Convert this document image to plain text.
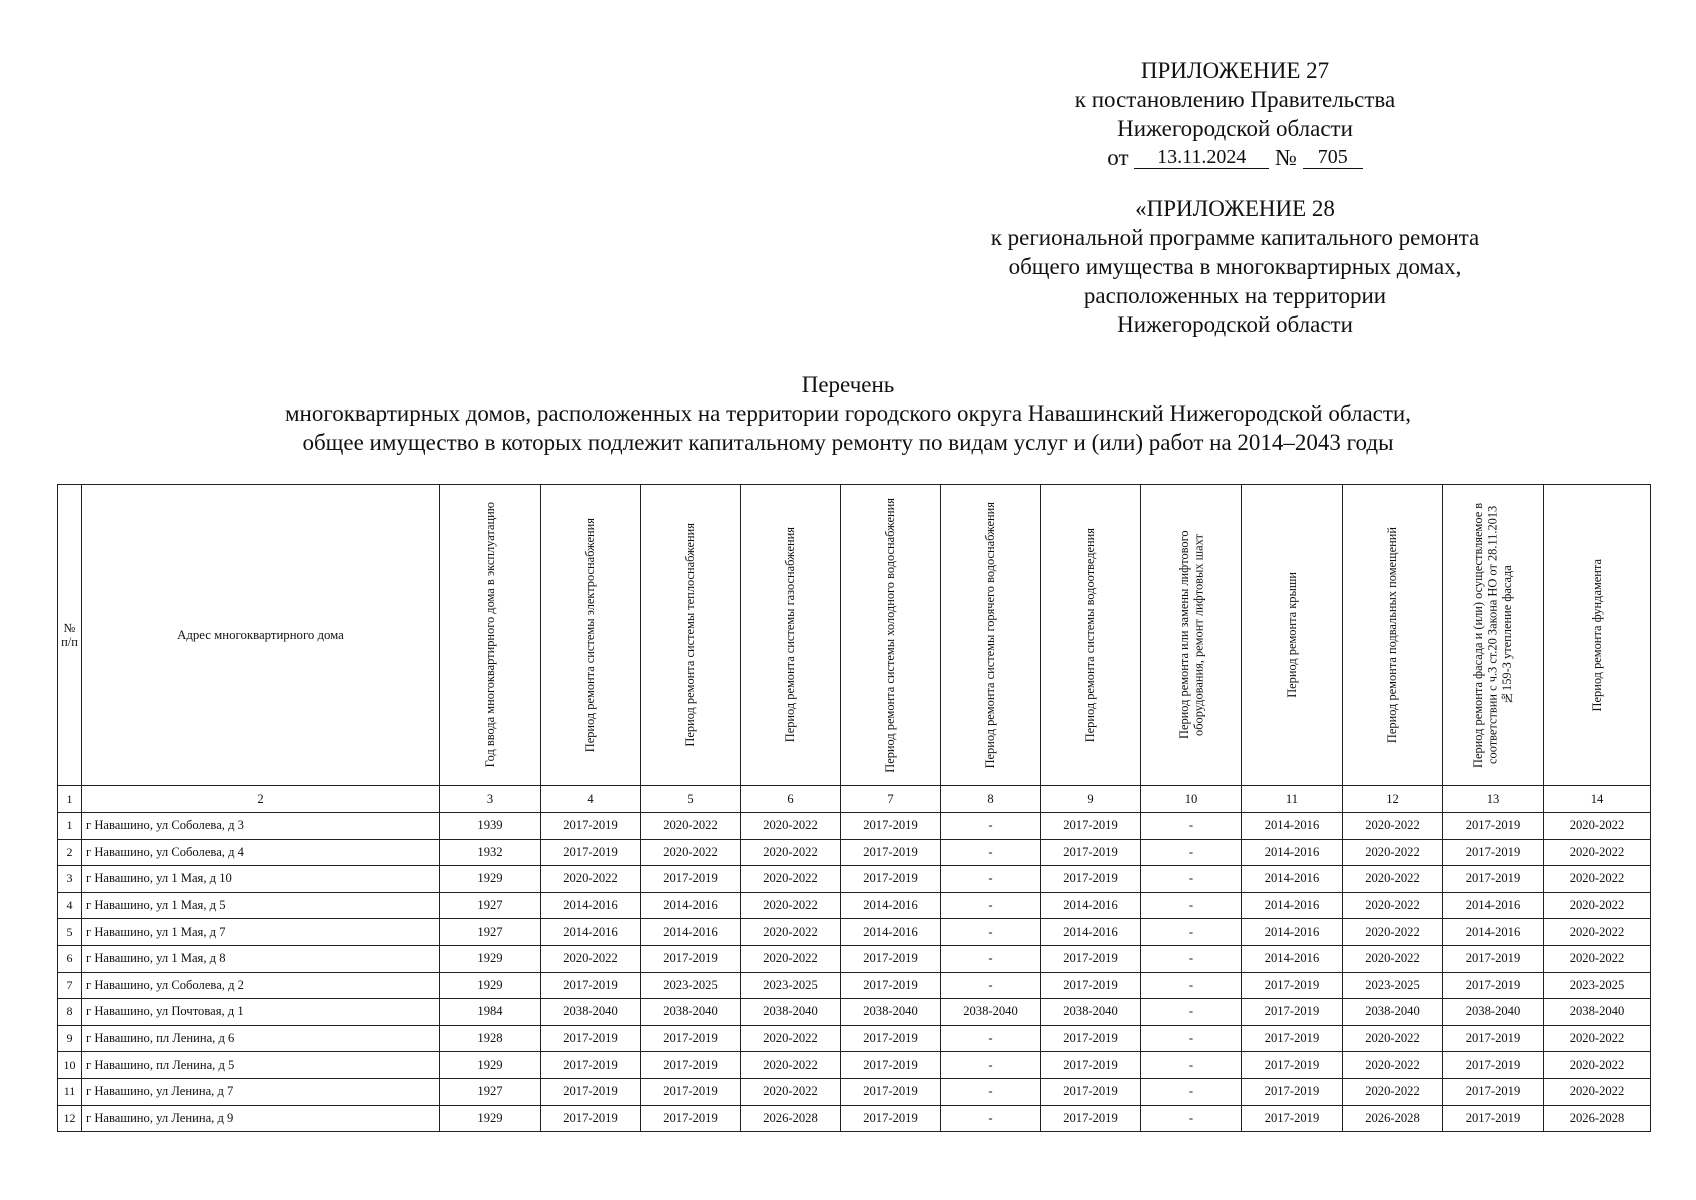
ПРИЛОЖЕНИЕ 27
к постановлению Правительства
Нижегородской области
от 13.11.2024 № 705
«ПРИЛОЖЕНИЕ 28
к региональной программе капитального ремонта
общего имущества в многоквартирных домах,
расположенных на территории
Нижегородской области
Перечень
многоквартирных домов, расположенных на территории городского округа Навашинский Нижегородской области,
общее имущество в которых подлежит капитальному ремонту по видам услуг и (или) работ на 2014–2043 годы
№ п/п	Адрес многоквартирного дома	Год ввода многоквартирного дома в эксплуатацию	Период ремонта системы электроснабжения	Период ремонта системы теплоснабжения	Период ремонта системы газоснабжения	Период ремонта системы холодного водоснабжения	Период ремонта системы горячего водоснабжения	Период ремонта системы водоотведения	Период ремонта или замены лифтового оборудования, ремонт лифтовых шахт	Период ремонта крыши	Период ремонта подвальных помещений	Период ремонта фасада и (или) осуществляемое в соответствии с ч.3 ст.20 Закона НО от 28.11.2013 №159-З утепление фасада	Период ремонта фундамента

1	2	3	4	5	6	7	8	9	10	11	12	13	14
1	г Навашино, ул Соболева, д 3	1939	2017-2019	2020-2022	2020-2022	2017-2019	-	2017-2019	-	2014-2016	2020-2022	2017-2019	2020-2022
2	г Навашино, ул Соболева, д 4	1932	2017-2019	2020-2022	2020-2022	2017-2019	-	2017-2019	-	2014-2016	2020-2022	2017-2019	2020-2022
3	г Навашино, ул 1 Мая, д 10	1929	2020-2022	2017-2019	2020-2022	2017-2019	-	2017-2019	-	2014-2016	2020-2022	2017-2019	2020-2022
4	г Навашино, ул 1 Мая, д 5	1927	2014-2016	2014-2016	2020-2022	2014-2016	-	2014-2016	-	2014-2016	2020-2022	2014-2016	2020-2022
5	г Навашино, ул 1 Мая, д 7	1927	2014-2016	2014-2016	2020-2022	2014-2016	-	2014-2016	-	2014-2016	2020-2022	2014-2016	2020-2022
6	г Навашино, ул 1 Мая, д 8	1929	2020-2022	2017-2019	2020-2022	2017-2019	-	2017-2019	-	2014-2016	2020-2022	2017-2019	2020-2022
7	г Навашино, ул Соболева, д 2	1929	2017-2019	2023-2025	2023-2025	2017-2019	-	2017-2019	-	2017-2019	2023-2025	2017-2019	2023-2025
8	г Навашино, ул Почтовая, д 1	1984	2038-2040	2038-2040	2038-2040	2038-2040	2038-2040	2038-2040	-	2017-2019	2038-2040	2038-2040	2038-2040
9	г Навашино, пл Ленина, д 6	1928	2017-2019	2017-2019	2020-2022	2017-2019	-	2017-2019	-	2017-2019	2020-2022	2017-2019	2020-2022
10	г Навашино, пл Ленина, д 5	1929	2017-2019	2017-2019	2020-2022	2017-2019	-	2017-2019	-	2017-2019	2020-2022	2017-2019	2020-2022
11	г Навашино, ул Ленина, д 7	1927	2017-2019	2017-2019	2020-2022	2017-2019	-	2017-2019	-	2017-2019	2020-2022	2017-2019	2020-2022
12	г Навашино, ул Ленина, д 9	1929	2017-2019	2017-2019	2026-2028	2017-2019	-	2017-2019	-	2017-2019	2026-2028	2017-2019	2026-2028
